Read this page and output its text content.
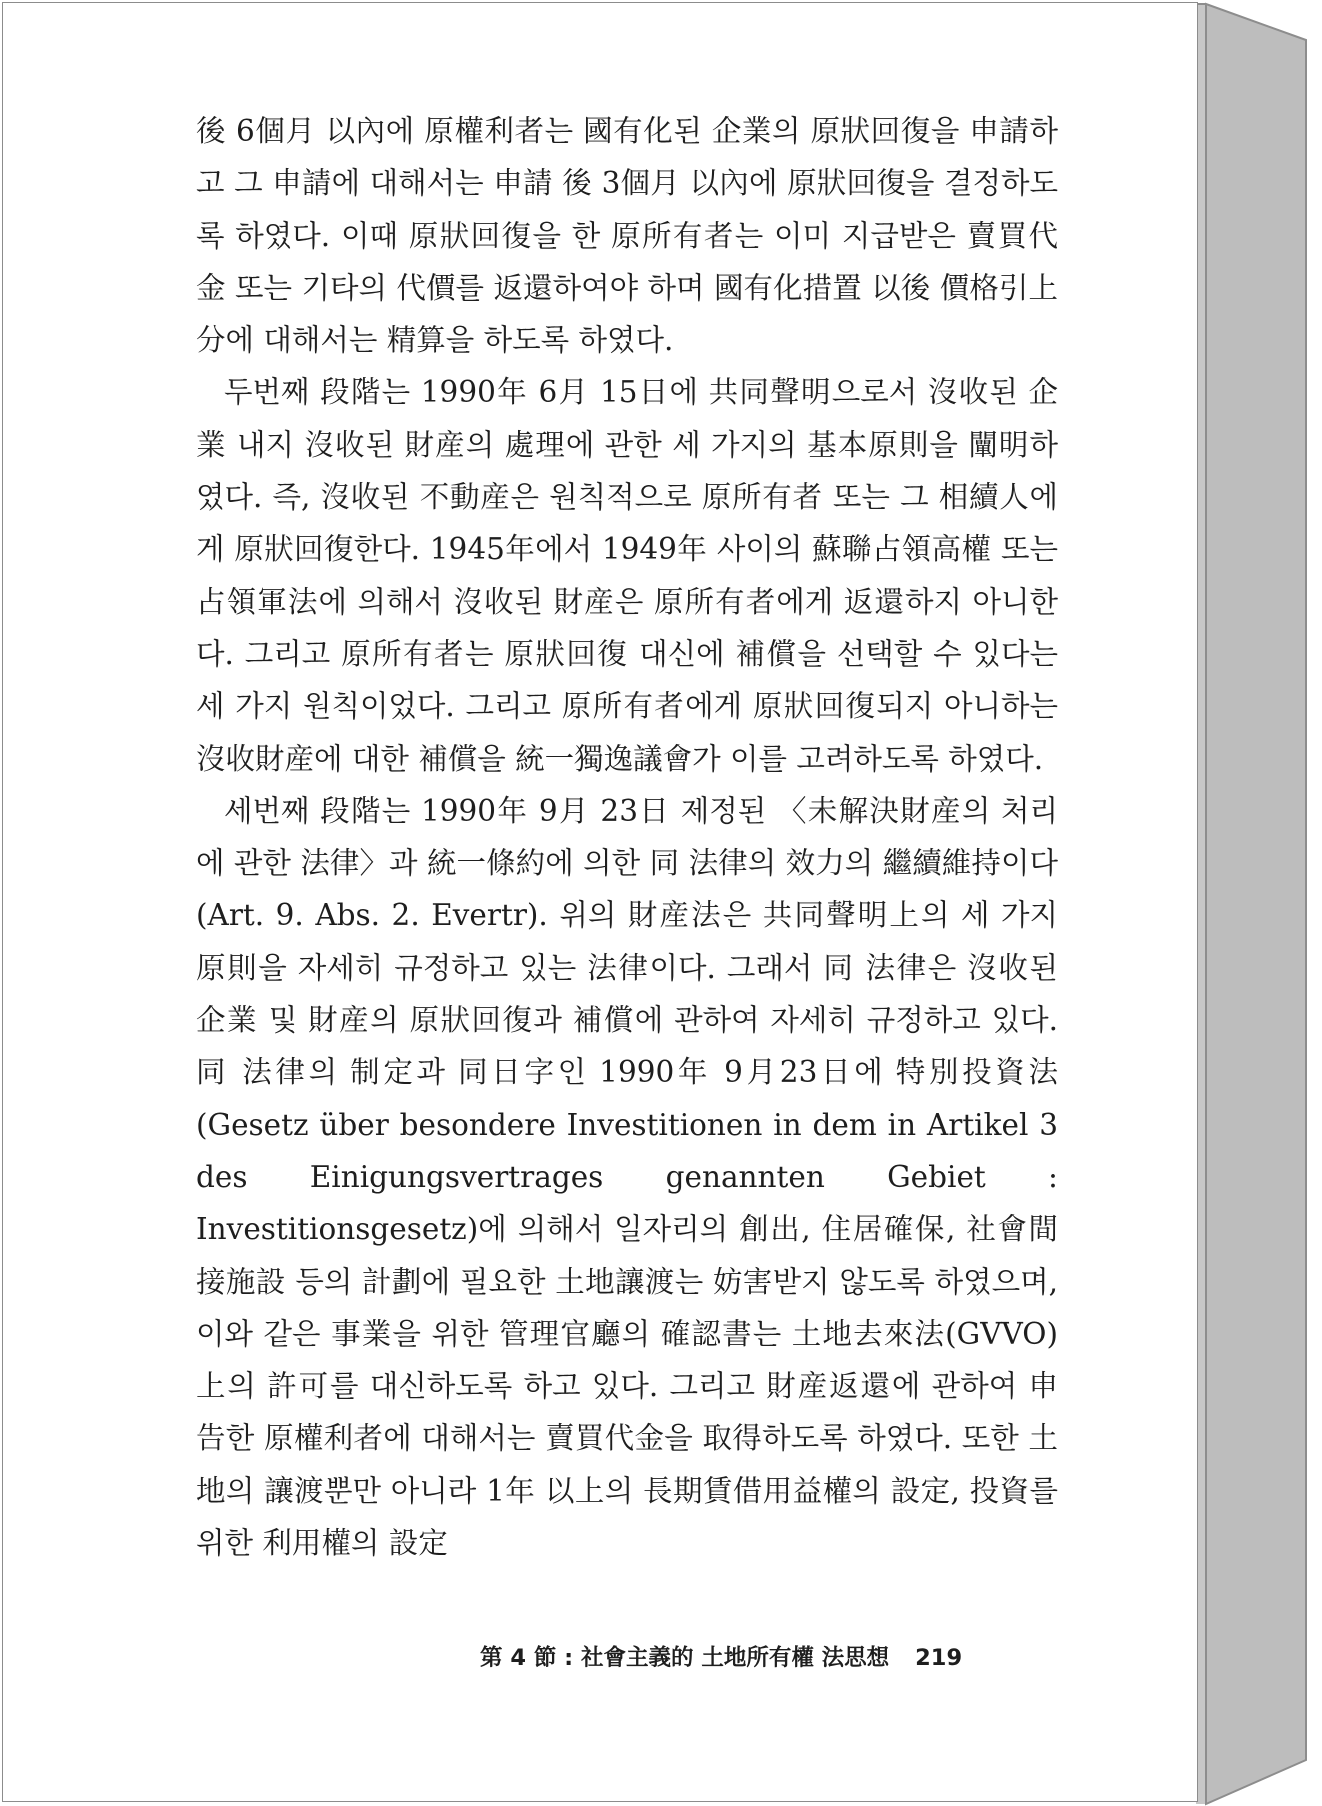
後 6個月 以內에 原權利者는 國有化된 企業의 原狀回復을 申請하고 그 申請에 대해서는 申請 後 3個月 以內에 原狀回復을 결정하도록 하였다. 이때 原狀回復을 한 原所有者는 이미 지급받은 賣買代金 또는 기타의 代價를 返還하여야 하며 國有化措置 以後 價格引上分에 대해서는 精算을 하도록 하였다.

두번째 段階는 1990年 6月 15日에 共同聲明으로서 沒收된 企業 내지 沒收된 財産의 處理에 관한 세 가지의 基本原則을 闡明하였다. 즉, 沒收된 不動産은 원칙적으로 原所有者 또는 그 相續人에게 原狀回復한다. 1945年에서 1949年 사이의 蘇聯占領高權 또는 占領軍法에 의해서 沒收된 財産은 原所有者에게 返還하지 아니한다. 그리고 原所有者는 原狀回復 대신에 補償을 선택할 수 있다는 세 가지 원칙이었다. 그리고 原所有者에게 原狀回復되지 아니하는 沒收財産에 대한 補償을 統一獨逸議會가 이를 고려하도록 하였다.

세번째 段階는 1990年 9月 23日 제정된 〈未解決財産의 처리에 관한 法律〉과 統一條約에 의한 同 法律의 效力의 繼續維持이다 (Art. 9. Abs. 2. Evertr). 위의 財産法은 共同聲明上의 세 가지 原則을 자세히 규정하고 있는 法律이다. 그래서 同 法律은 沒收된 企業 및 財産의 原狀回復과 補償에 관하여 자세히 규정하고 있다. 同 法律의 制定과 同日字인 1990年 9月23日에 特別投資法 (Gesetz über besondere Investitionen in dem in Artikel 3 des Einigungsvertrages genannten Gebiet : Investitionsgesetz)에 의해서 일자리의 創出, 住居確保, 社會間接施設 등의 計劃에 필요한 土地讓渡는 妨害받지 않도록 하였으며, 이와 같은 事業을 위한 管理官廳의 確認書는 土地去來法(GVVO)上의 許可를 대신하도록 하고 있다. 그리고 財産返還에 관하여 申告한 原權利者에 대해서는 賣買代金을 取得하도록 하였다. 또한 土地의 讓渡뿐만 아니라 1年 以上의 長期賃借用益權의 設定, 投資를 위한 利用權의 設定

第 4 節 : 社會主義的 土地所有權 法思想 219
